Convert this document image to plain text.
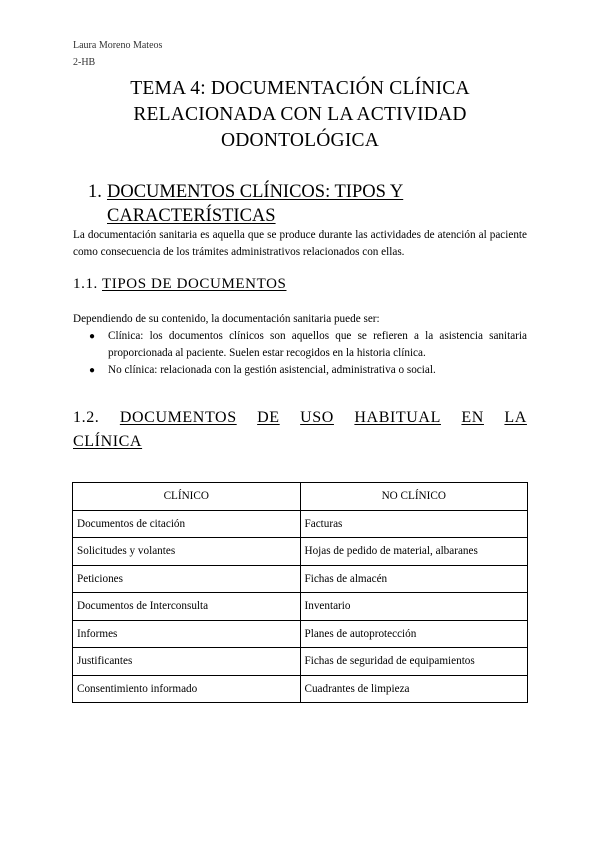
Laura Moreno Mateos
2-HB
TEMA 4: DOCUMENTACIÓN CLÍNICA
RELACIONADA CON LA ACTIVIDAD
ODONTOLÓGICA
1. DOCUMENTOS CLÍNICOS: TIPOS Y
CARACTERÍSTICAS
La documentación sanitaria es aquella que se produce durante las actividades de atención al paciente como consecuencia de los trámites administrativos relacionados con ellas.
1.1. TIPOS DE DOCUMENTOS
Dependiendo de su contenido, la documentación sanitaria puede ser:
● Clínica: los documentos clínicos son aquellos que se refieren a la asistencia sanitaria proporcionada al paciente. Suelen estar recogidos en la historia clínica.
● No clínica: relacionada con la gestión asistencial, administrativa o social.
1.2. DOCUMENTOS DE USO HABITUAL EN LA
CLÍNICA
CLÍNICO	NO CLÍNICO
Documentos de citación	Facturas
Solicitudes y volantes	Hojas de pedido de material, albaranes
Peticiones	Fichas de almacén
Documentos de Interconsulta	Inventario
Informes	Planes de autoprotección
Justificantes	Fichas de seguridad de equipamientos
Consentimiento informado	Cuadrantes de limpieza
